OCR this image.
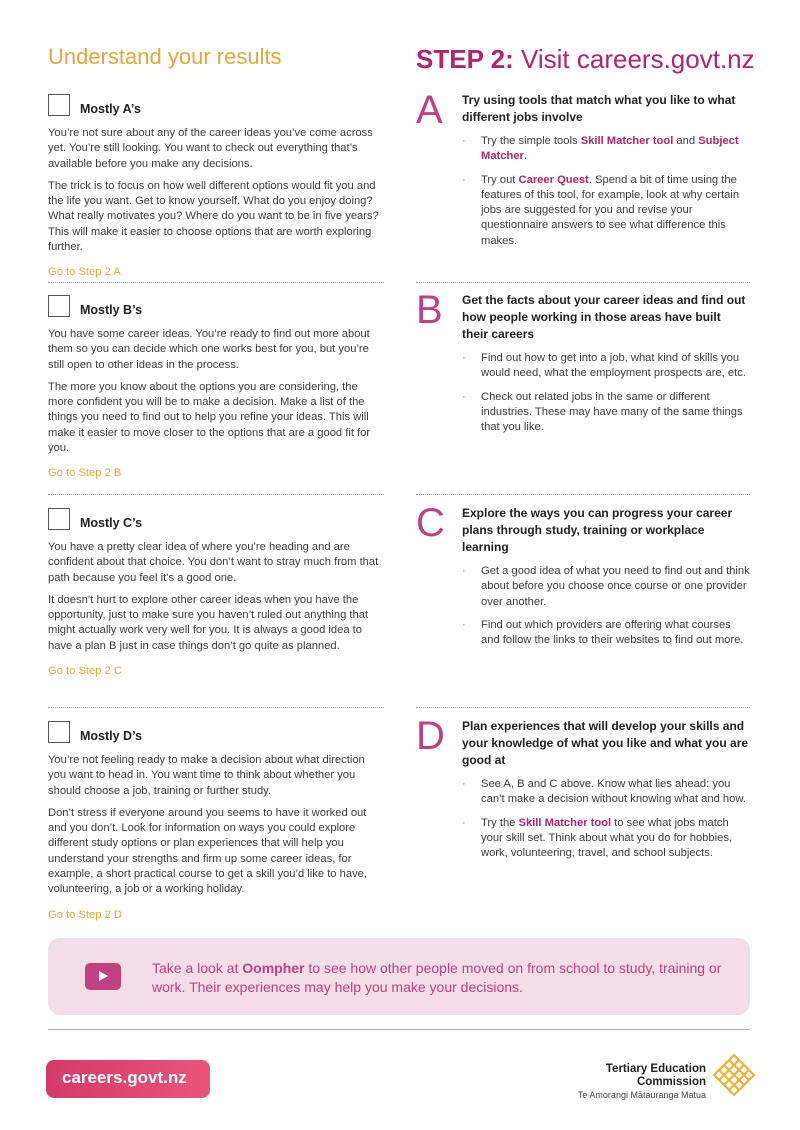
Understand your results
Mostly A’s

You’re not sure about any of the career ideas you’ve come across yet. You’re still looking. You want to check out everything that’s available before you make any decisions.

The trick is to focus on how well different options would fit you and the life you want. Get to know yourself. What do you enjoy doing? What really motivates you? Where do you want to be in five years? This will make it easier to choose options that are worth exploring further.

Go to Step 2 A
Mostly B’s

You have some career ideas. You’re ready to find out more about them so you can decide which one works best for you, but you’re still open to other ideas in the process.

The more you know about the options you are considering, the more confident you will be to make a decision. Make a list of the things you need to find out to help you refine your ideas. This will make it easier to move closer to the options that are a good fit for you.

Go to Step 2 B
Mostly C’s

You have a pretty clear idea of where you’re heading and are confident about that choice. You don’t want to stray much from that path because you feel it’s a good one.

It doesn’t hurt to explore other career ideas when you have the opportunity, just to make sure you haven’t ruled out anything that might actually work very well for you. It is always a good idea to have a plan B just in case things don’t go quite as planned.

Go to Step 2 C
Mostly D’s

You’re not feeling ready to make a decision about what direction you want to head in. You want time to think about whether you should choose a job, training or further study.

Don’t stress if everyone around you seems to have it worked out and you don’t. Look for information on ways you could explore different study options or plan experiences that will help you understand your strengths and firm up some career ideas, for example, a short practical course to get a skill you’d like to have, volunteering, a job or a working holiday.

Go to Step 2 D
STEP 2: Visit careers.govt.nz
A Try using tools that match what you like to what different jobs involve
· Try the simple tools Skill Matcher tool and Subject Matcher.
· Try out Career Quest. Spend a bit of time using the features of this tool, for example, look at why certain jobs are suggested for you and revise your questionnaire answers to see what difference this makes.
B Get the facts about your career ideas and find out how people working in those areas have built their careers
· Find out how to get into a job, what kind of skills you would need, what the employment prospects are, etc.
· Check out related jobs in the same or different industries. These may have many of the same things that you like.
C Explore the ways you can progress your career plans through study, training or workplace learning
· Get a good idea of what you need to find out and think about before you choose once course or one provider over another.
· Find out which providers are offering what courses and follow the links to their websites to find out more.
D Plan experiences that will develop your skills and your knowledge of what you like and what you are good at
· See A, B and C above. Know what lies ahead: you can’t make a decision without knowing what and how.
· Try the Skill Matcher tool to see what jobs match your skill set. Think about what you do for hobbies, work, volunteering, travel, and school subjects.
Take a look at Oompher to see how other people moved on from school to study, training or work. Their experiences may help you make your decisions.
careers.govt.nz	Tertiary Education
Commission
Te Amorangi Mātauranga Matua
